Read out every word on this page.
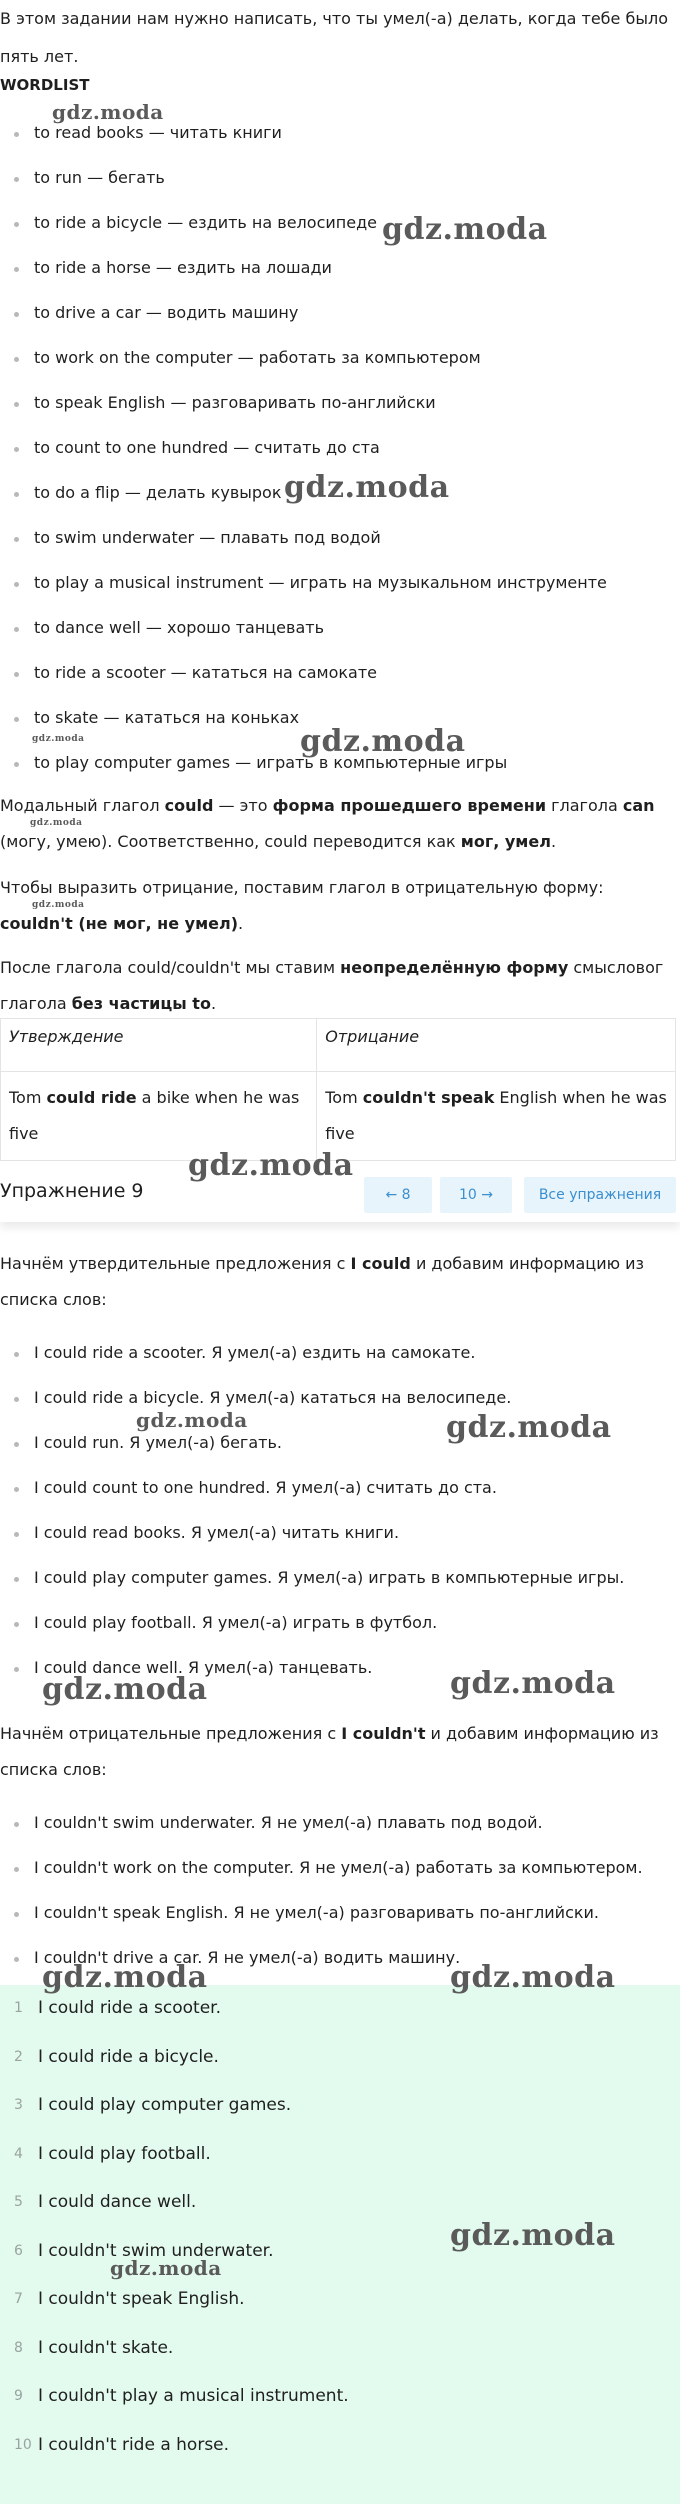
В этом задании нам нужно написать, что ты умел(-а) делать, когда тебе было пять лет.
WORDLIST
to read books — читать книги
to run — бегать
to ride a bicycle — ездить на велосипеде
to ride a horse — ездить на лошади
to drive a car — водить машину
to work on the computer — работать за компьютером
to speak English — разговаривать по-английски
to count to one hundred — считать до ста
to do a flip — делать кувырок
to swim underwater — плавать под водой
to play a musical instrument — играть на музыкальном инструменте
to dance well — хорошо танцевать
to ride a scooter — кататься на самокате
to skate — кататься на коньках
to play computer games — играть в компьютерные игры
Модальный глагол could — это форма прошедшего времени глагола can (могу, умею). Соответственно, could переводится как мог, умел.
Чтобы выразить отрицание, поставим глагол в отрицательную форму: couldn't (не мог, не умел).
После глагола could/couldn't мы ставим неопределённую форму смысловог глагола без частицы to.
Утверждение	Отрицание
Tom could ride a bike when he was five	Tom couldn't speak English when he was five
Упражнение 9	← 8	10 →	Все упражнения
Начнём утвердительные предложения с I could и добавим информацию из списка слов:
I could ride a scooter. Я умел(-а) ездить на самокате.
I could ride a bicycle. Я умел(-а) кататься на велосипеде.
I could run. Я умел(-а) бегать.
I could count to one hundred. Я умел(-а) считать до ста.
I could read books. Я умел(-а) читать книги.
I could play computer games. Я умел(-а) играть в компьютерные игры.
I could play football. Я умел(-а) играть в футбол.
I could dance well. Я умел(-а) танцевать.
Начнём отрицательные предложения с I couldn't и добавим информацию из списка слов:
I couldn't swim underwater. Я не умел(-а) плавать под водой.
I couldn't work on the computer. Я не умел(-а) работать за компьютером.
I couldn't speak English. Я не умел(-а) разговаривать по-английски.
I couldn't drive a car. Я не умел(-а) водить машину.
1 I could ride a scooter.
2 I could ride a bicycle.
3 I could play computer games.
4 I could play football.
5 I could dance well.
6 I couldn't swim underwater.
7 I couldn't speak English.
8 I couldn't skate.
9 I couldn't play a musical instrument.
10 I couldn't ride a horse.
gdz.moda
gdz.moda
gdz.moda
gdz.moda	gdz.moda
gdz.moda
gdz.moda
gdz.moda
gdz.moda	gdz.moda
gdz.moda	gdz.moda
gdz.moda	gdz.moda
gdz.moda
gdz.moda
